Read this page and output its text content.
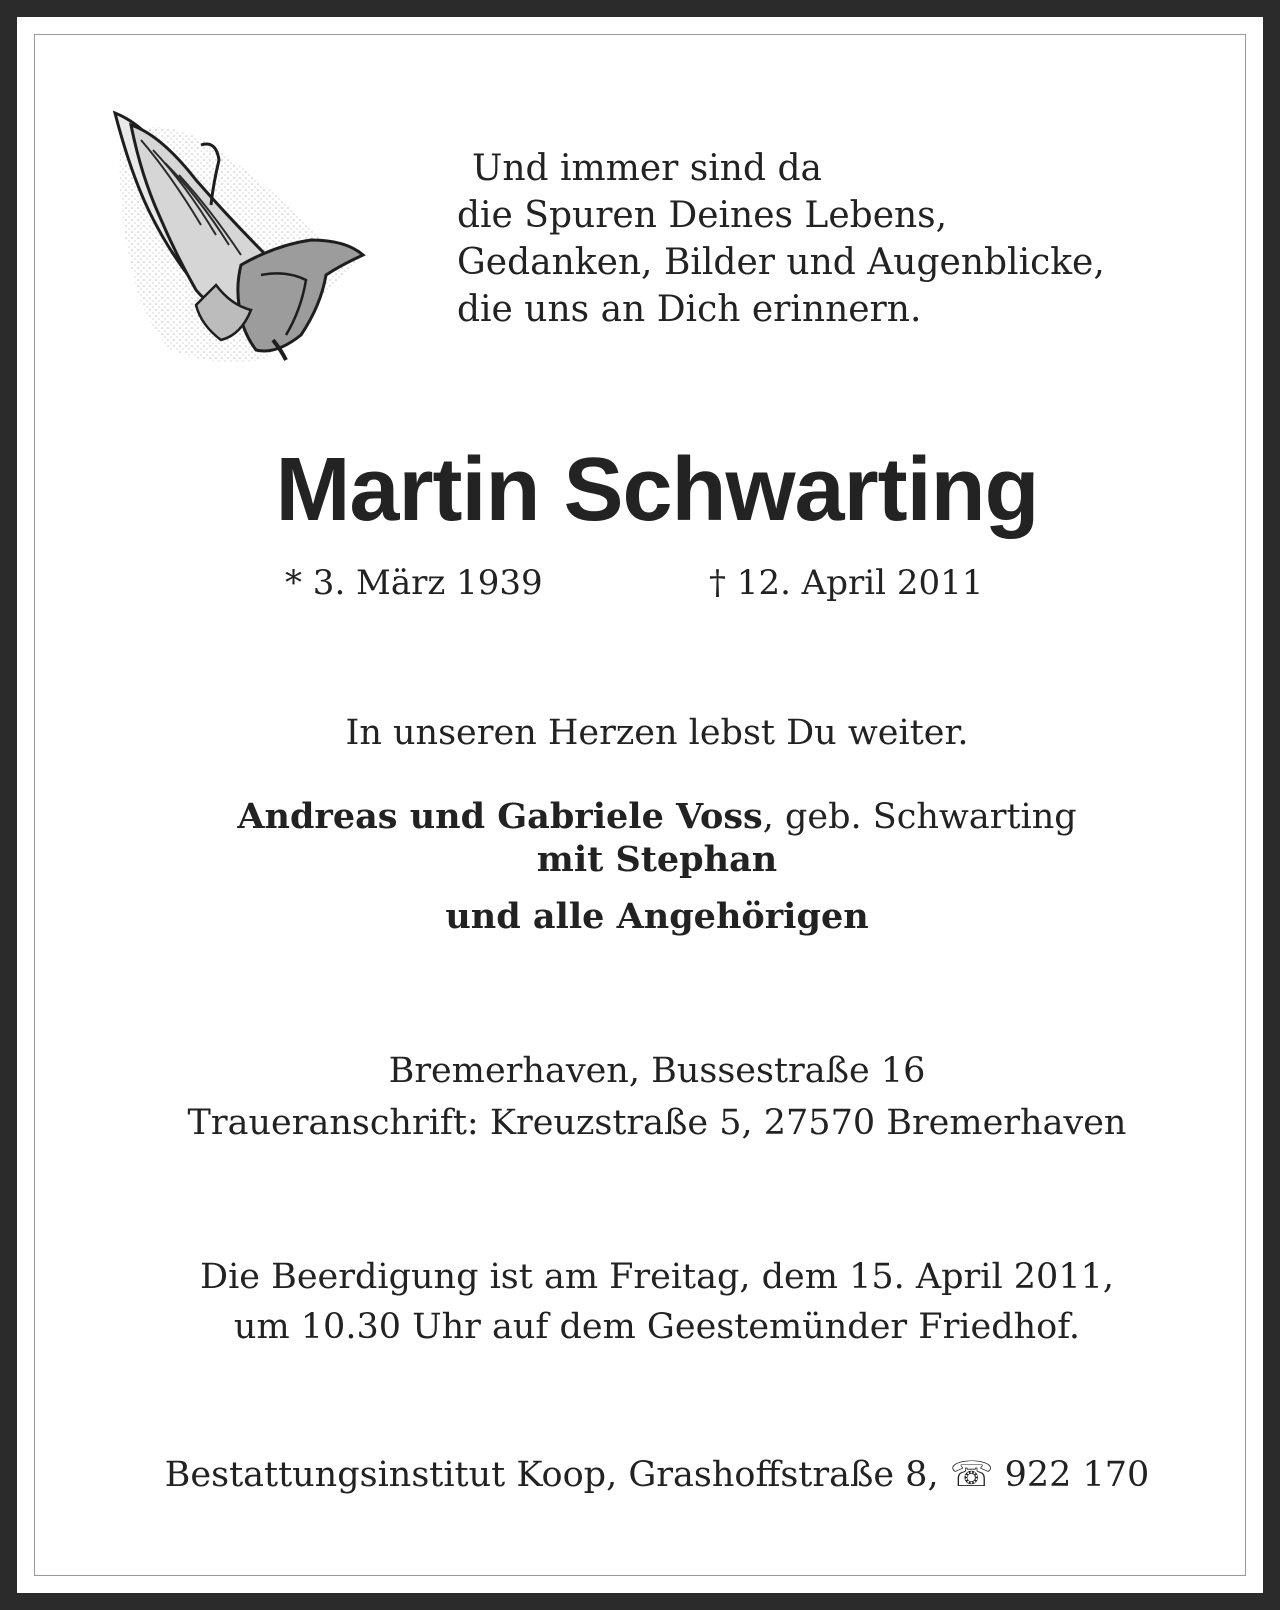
Und immer sind da
die Spuren Deines Lebens,
Gedanken, Bilder und Augenblicke,
die uns an Dich erinnern.
Martin Schwarting
* 3. März 1939	† 12. April 2011
In unseren Herzen lebst Du weiter.
Andreas und Gabriele Voss, geb. Schwarting
mit Stephan
und alle Angehörigen
Bremerhaven, Bussestraße 16
Traueranschrift: Kreuzstraße 5, 27570 Bremerhaven
Die Beerdigung ist am Freitag, dem 15. April 2011,
um 10.30 Uhr auf dem Geestemünder Friedhof.
Bestattungsinstitut Koop, Grashoffstraße 8, ☏ 922 170
